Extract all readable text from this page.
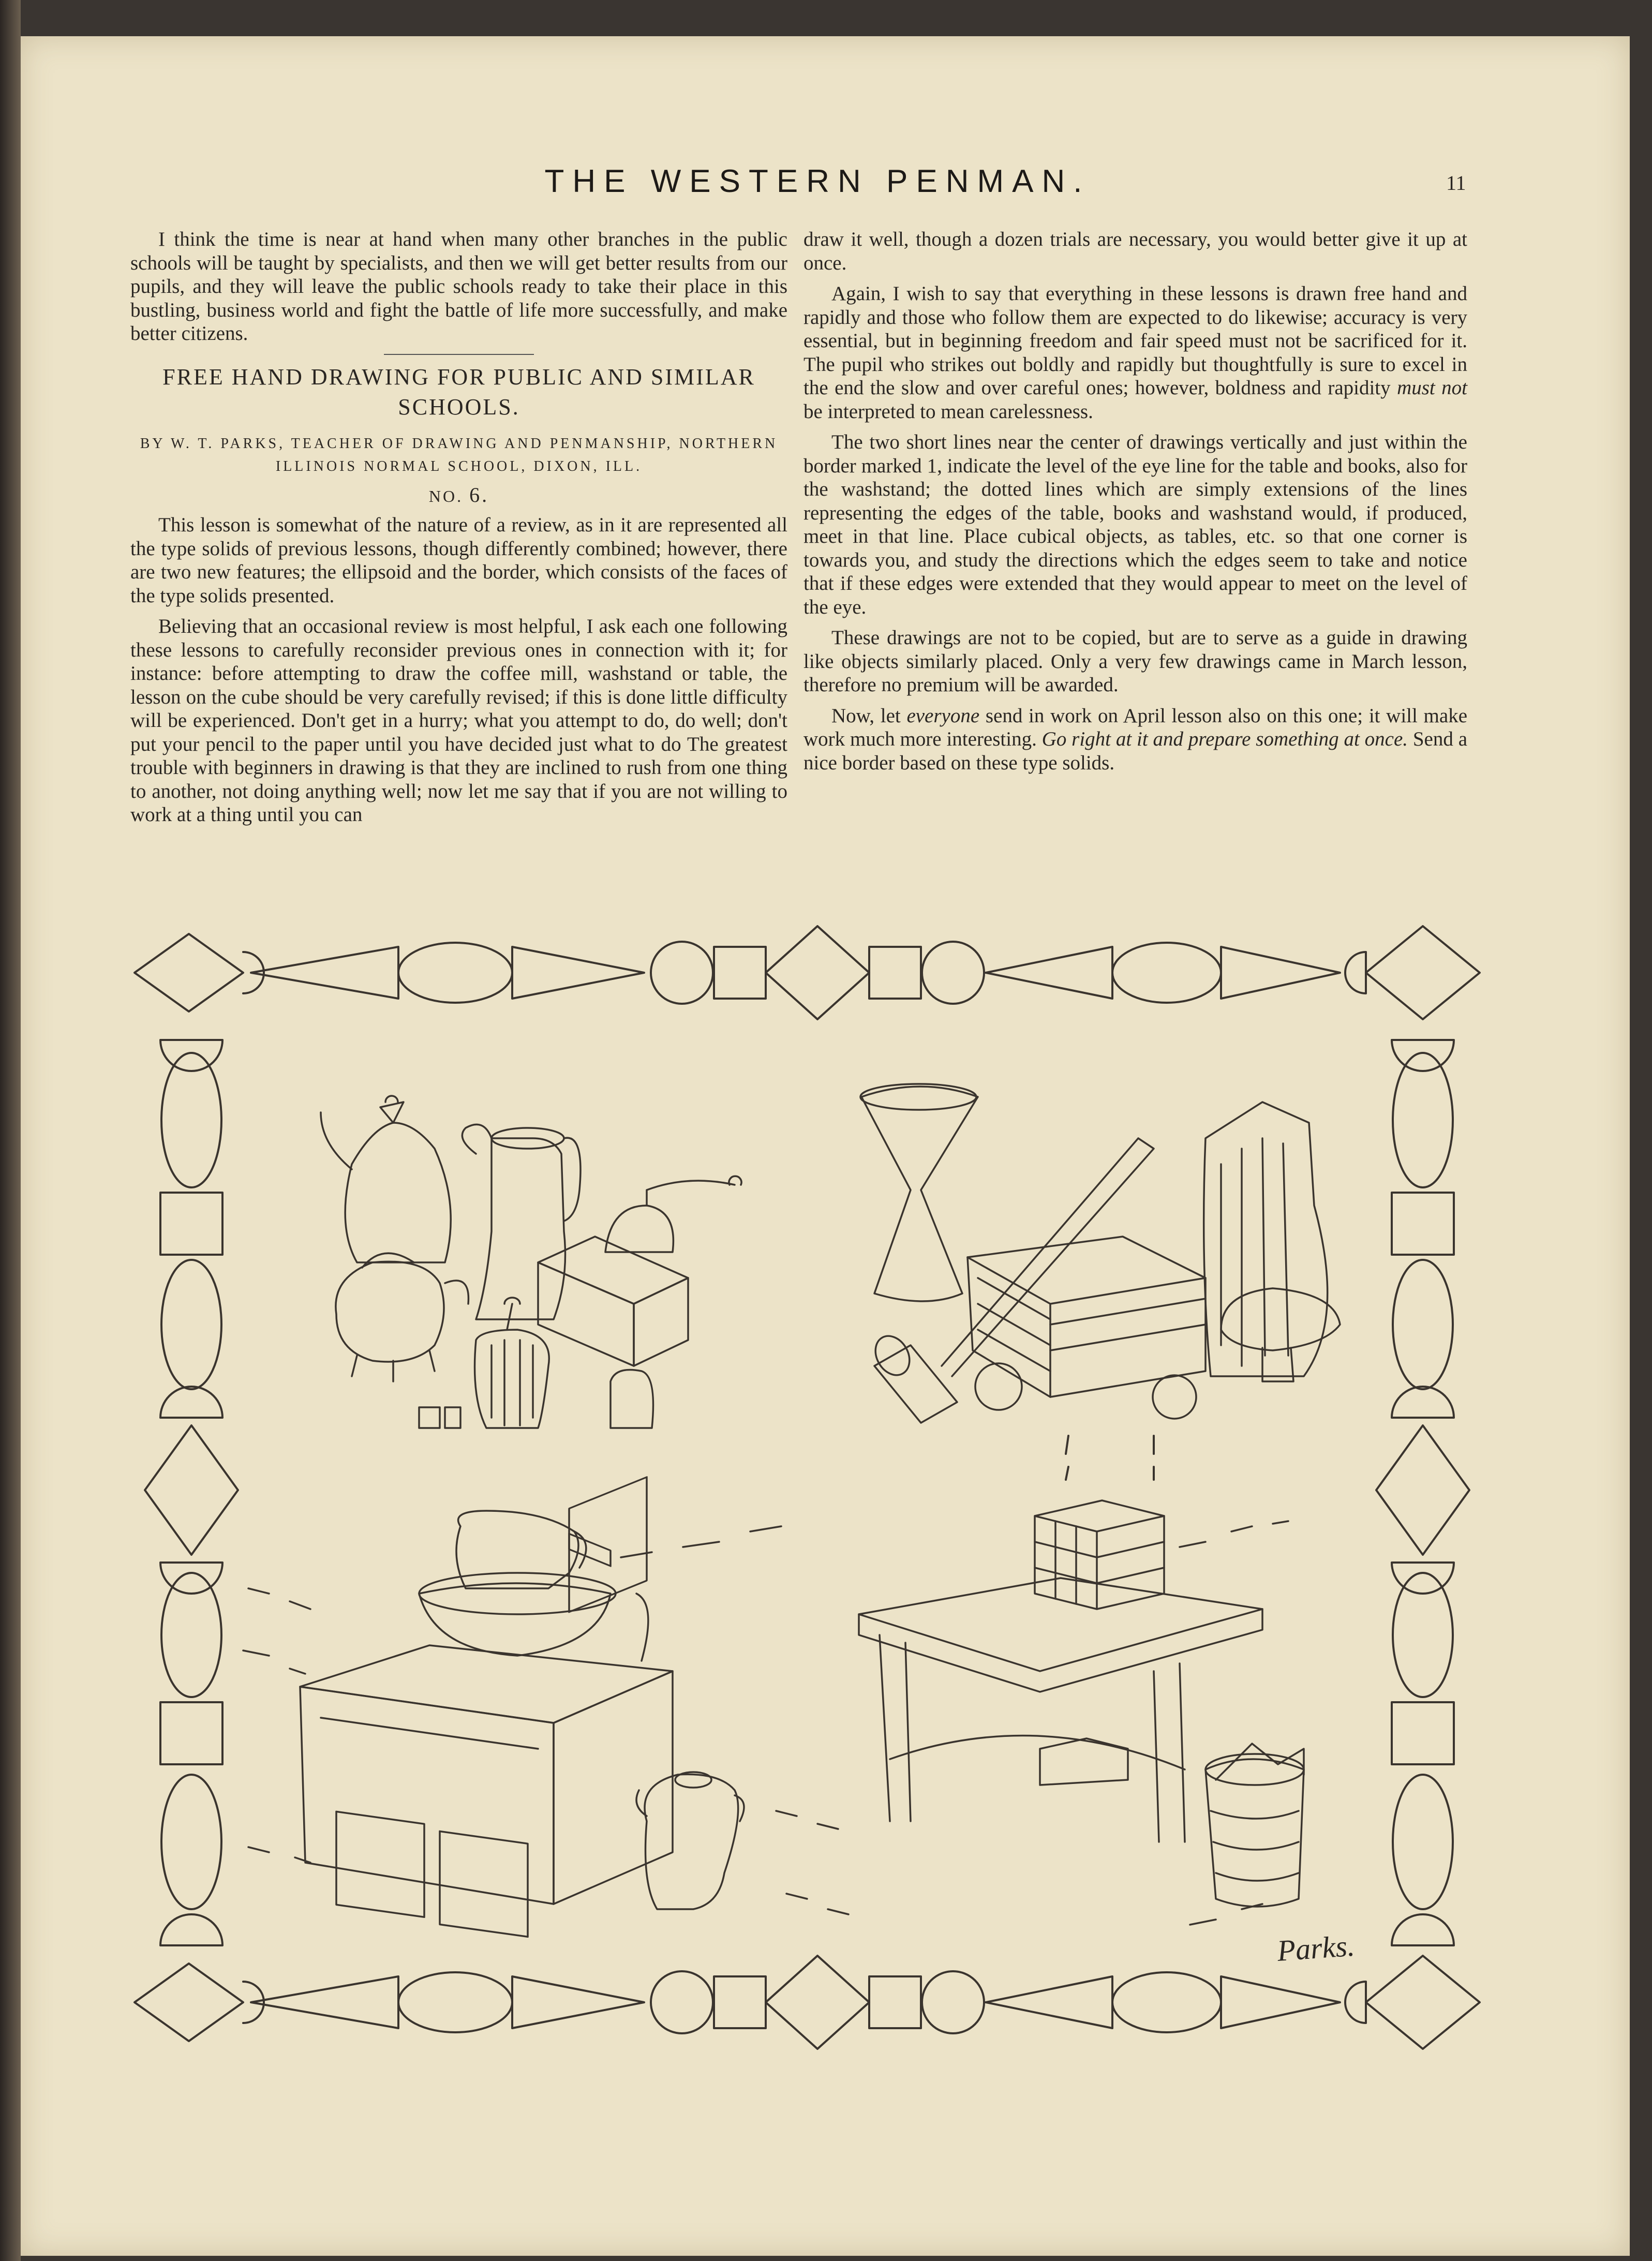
THE WESTERN PENMAN.	11

I think the time is near at hand when many other branches in the public schools will be taught by specialists, and then we will get better results from our pupils, and they will leave the public schools ready to take their place in this bustling, business world and fight the battle of life more successfully, and make better citizens.

FREE HAND DRAWING FOR PUBLIC AND SIMILAR SCHOOLS.
BY W. T. PARKS, TEACHER OF DRAWING AND PENMANSHIP, NORTHERN ILLINOIS NORMAL SCHOOL, DIXON, ILL.
NO. 6.

This lesson is somewhat of the nature of a review, as in it are represented all the type solids of previous lessons, though differently combined; however, there are two new features; the ellipsoid and the border, which consists of the faces of the type solids presented.

Believing that an occasional review is most helpful, I ask each one following these lessons to carefully reconsider previous ones in connection with it; for instance: before attempting to draw the coffee mill, washstand or table, the lesson on the cube should be very carefully revised; if this is done little difficulty will be experienced. Don't get in a hurry; what you attempt to do, do well; don't put your pencil to the paper until you have decided just what to do The greatest trouble with beginners in drawing is that they are inclined to rush from one thing to another, not doing anything well; now let me say that if you are not willing to work at a thing until you can

draw it well, though a dozen trials are necessary, you would better give it up at once.

Again, I wish to say that everything in these lessons is drawn free hand and rapidly and those who follow them are expected to do likewise; accuracy is very essential, but in beginning freedom and fair speed must not be sacrificed for it. The pupil who strikes out boldly and rapidly but thoughtfully is sure to excel in the end the slow and over careful ones; however, boldness and rapidity must not be interpreted to mean carelessness.

The two short lines near the center of drawings vertically and just within the border marked 1, indicate the level of the eye line for the table and books, also for the washstand; the dotted lines which are simply extensions of the lines representing the edges of the table, books and washstand would, if produced, meet in that line. Place cubical objects, as tables, etc. so that one corner is towards you, and study the directions which the edges seem to take and notice that if these edges were extended that they would appear to meet on the level of the eye.

These drawings are not to be copied, but are to serve as a guide in drawing like objects similarly placed. Only a very few drawings came in March lesson, therefore no premium will be awarded.

Now, let everyone send in work on April lesson also on this one; it will make work much more interesting. Go right at it and prepare something at once. Send a nice border based on these type solids.

Parks.
